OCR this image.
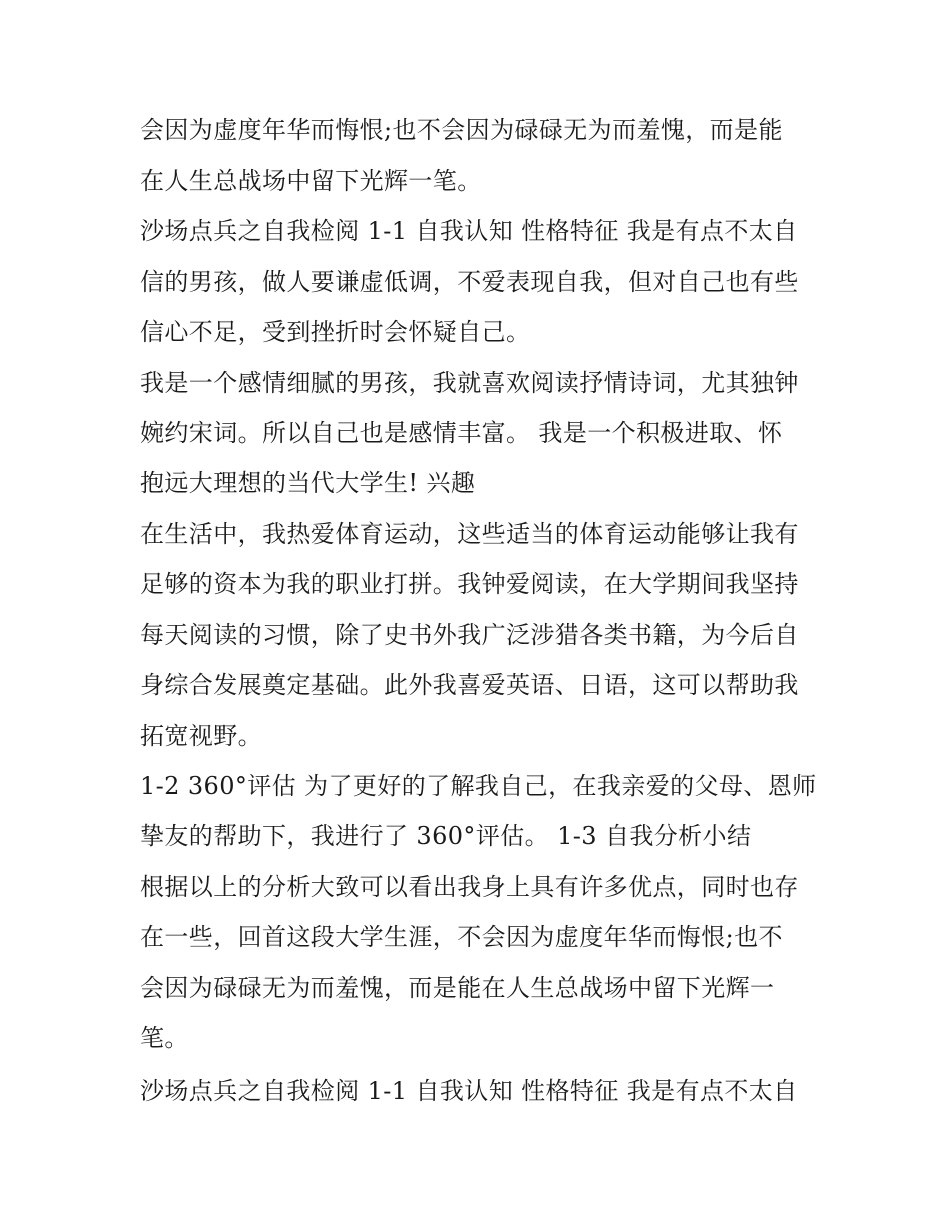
会因为虚度年华而悔恨;也不会因为碌碌无为而羞愧，而是能
在人生总战场中留下光辉一笔。
沙场点兵之自我检阅 1-1 自我认知 性格特征 我是有点不太自
信的男孩，做人要谦虚低调，不爱表现自我，但对自己也有些
信心不足，受到挫折时会怀疑自己。
我是一个感情细腻的男孩，我就喜欢阅读抒情诗词，尤其独钟
婉约宋词。所以自己也是感情丰富。 我是一个积极进取、怀
抱远大理想的当代大学生! 兴趣
在生活中，我热爱体育运动，这些适当的体育运动能够让我有
足够的资本为我的职业打拼。我钟爱阅读，在大学期间我坚持
每天阅读的习惯，除了史书外我广泛涉猎各类书籍，为今后自
身综合发展奠定基础。此外我喜爱英语、日语，这可以帮助我
拓宽视野。
1-2 360°评估 为了更好的了解我自己，在我亲爱的父母、恩师
挚友的帮助下，我进行了 360°评估。 1-3 自我分析小结
根据以上的分析大致可以看出我身上具有许多优点，同时也存
在一些，回首这段大学生涯，不会因为虚度年华而悔恨;也不
会因为碌碌无为而羞愧，而是能在人生总战场中留下光辉一
笔。
沙场点兵之自我检阅 1-1 自我认知 性格特征 我是有点不太自
